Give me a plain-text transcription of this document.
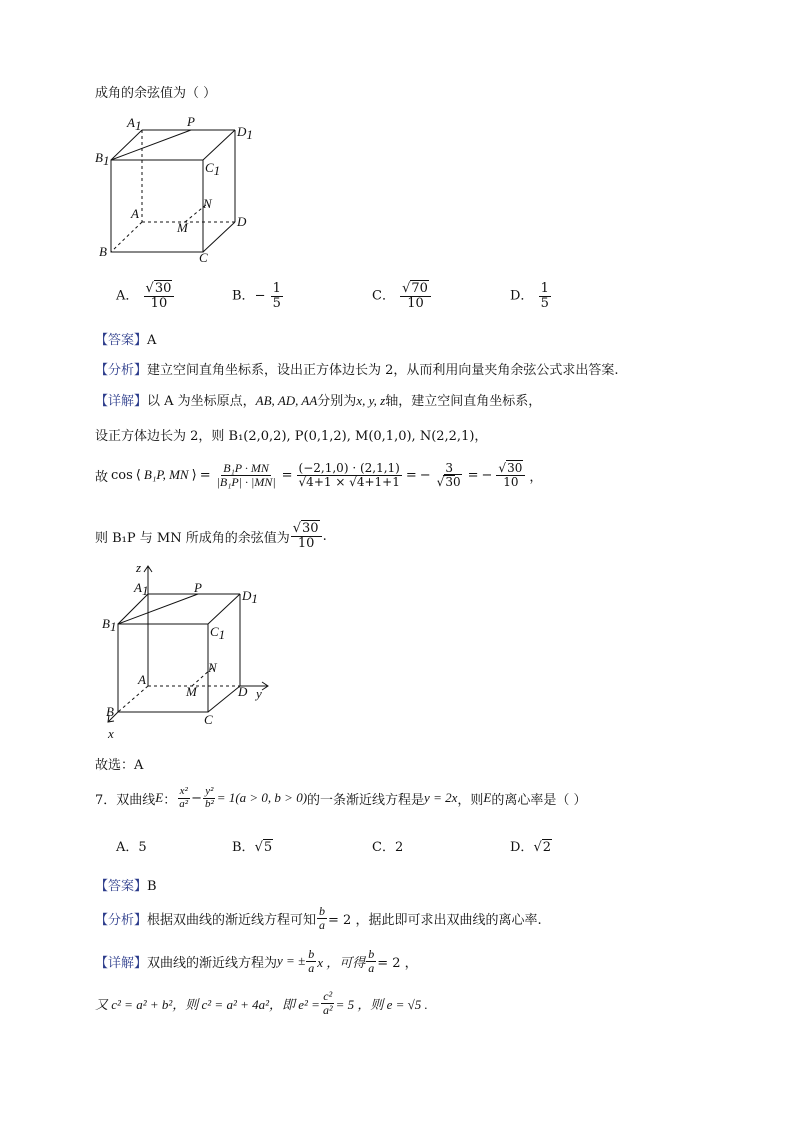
成角的余弦值为（ ）
A1	P
D1
B1	C1
A
N
M	D
B	C
A． $\frac{√30}{10}$	B．− $\frac{1}{5}$	C． $\frac{√70}{10}$	D． $\frac{1}{5}$
【答案】A
【分析】建立空间直角坐标系，设出正方体边长为 2，从而利用向量夹角余弦公式求出答案.
【详解】以 A 为坐标原点，AB, AD, AA分别为x, y, z轴，建立空间直角坐标系，
设正方体边长为 2，则 B₁(2,0,2), P(0,1,2), M(0,1,0), N(2,2,1)，
故 cos ⟨ B₁P, MN ⟩ = $\frac{\text{B₁P · MN}}{\text{|B₁P| · |MN|}} = \frac{(-2,1,0) \cdot (2,1,1)}{√4+1 \times √4+1+1}$ = − $\frac{3}{√30}$ = − $\frac{√30}{10}$ ，
则 B₁P 与 MN 所成角的余弦值为 $\frac{√30}{10}$ .
z
A1	P
D1
B1	C1
N
A
M	D y
B
C
x
故选：A
7． 双曲线 E ： $\frac{\text{x²}}{\text{a²}} - \frac{\text{y²}}{\text{b²}} = 1(a > 0$, b > 0) 的一条渐近线方程是 y = 2x ，则 E 的离心率是（ ）
A．5	B．√5	C．2	D．√2
【答案】B
【分析】 根据双曲线的渐近线方程可知 $\frac{b}{a} = 2$ ，据此即可求出双曲线的离心率.
【详解】 双曲线的渐近线方程为 y = ± $\frac{b}{a}$ x ，可得 $\frac{b}{a} = 2$ ，
又 c² = a² + b²，则 c² = a² + 4a²，即 $e^2 = \frac{\text{c²}}{\text{a²}} = 5$ ，则 e = √5 .
